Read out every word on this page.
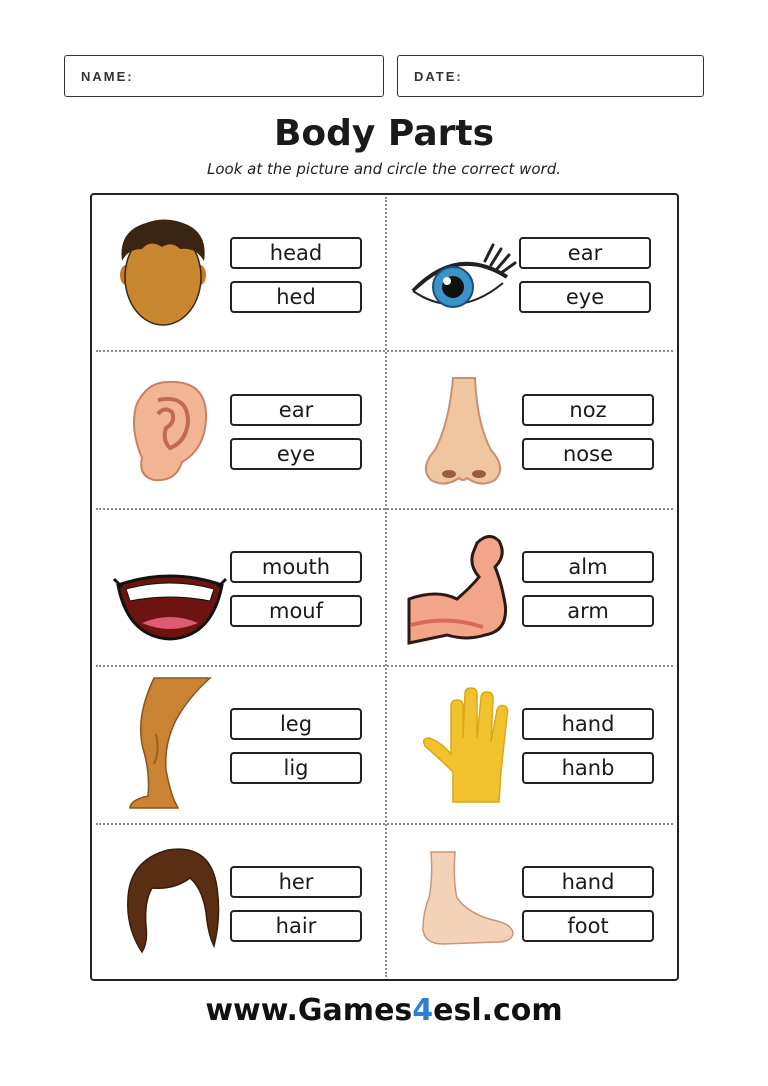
NAME:	DATE:
Body Parts

Look at the picture and circle the correct word.

head
hed
ear
eye
ear
eye
noz
nose
mouth
mouf
alm
arm
leg
lig
hand
hanb
her
hair
hand
foot
www.Games4esl.com
